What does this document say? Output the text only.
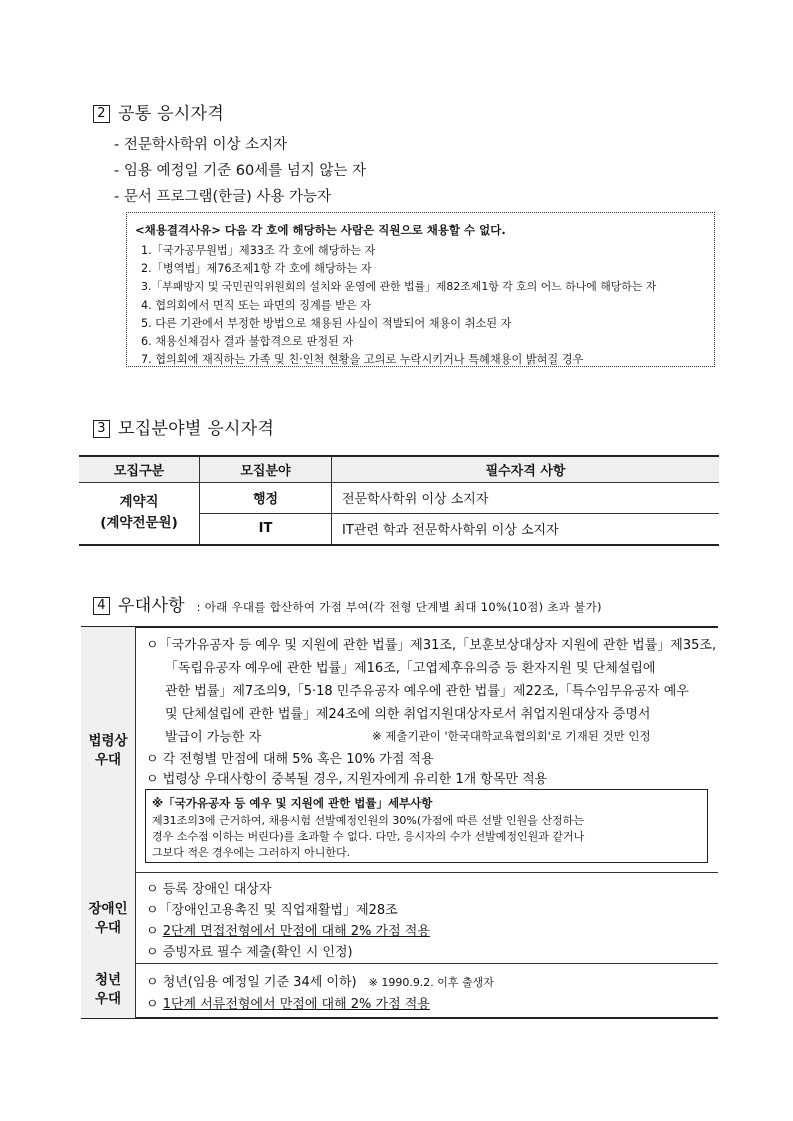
2 공통 응시자격
- 전문학사학위 이상 소지자
- 임용 예정일 기준 60세를 넘지 않는 자
- 문서 프로그램(한글) 사용 가능자
<채용결격사유> 다음 각 호에 해당하는 사람은 직원으로 채용할 수 없다.
1.「국가공무원법」제33조 각 호에 해당하는 자
2.「병역법」제76조제1항 각 호에 해당하는 자
3.「부패방지 및 국민권익위원회의 설치와 운영에 관한 법률」제82조제1항 각 호의 어느 하나에 해당하는 자
4. 협의회에서 면직 또는 파면의 징계를 받은 자
5. 다른 기관에서 부정한 방법으로 채용된 사실이 적발되어 채용이 취소된 자
6. 채용신체검사 결과 불합격으로 판정된 자
7. 협의회에 재직하는 가족 및 친·인척 현황을 고의로 누락시키거나 특혜채용이 밝혀질 경우
3 모집분야별 응시자격
모집구분	모집분야	필수자격 사항

계약직
(계약전문원)	행정	전문학사학위 이상 소지자
	IT	IT관련 학과 전문학사학위 이상 소지자
4 우대사항 : 아래 우대를 합산하여 가점 부여(각 전형 단계별 최대 10%(10점) 초과 불가)
법령상
우대
ㅇ「국가유공자 등 예우 및 지원에 관한 법률」제31조,「보훈보상대상자 지원에 관한 법률」제35조,
「독립유공자 예우에 관한 법률」제16조,「고엽제후유의증 등 환자지원 및 단체설립에
관한 법률」제7조의9,「5·18 민주유공자 예우에 관한 법률」제22조,「특수임무유공자 예우
및 단체설립에 관한 법률」제24조에 의한 취업지원대상자로서 취업지원대상자 증명서
발급이 가능한 자	※ 제출기관이 '한국대학교육협의회'로 기재된 것만 인정
ㅇ 각 전형별 만점에 대해 5% 혹은 10% 가점 적용
ㅇ 법령상 우대사항이 중복될 경우, 지원자에게 유리한 1개 항목만 적용
※「국가유공자 등 예우 및 지원에 관한 법률」세부사항
제31조의3에 근거하여, 채용시험 선발예정인원의 30%(가점에 따른 선발 인원을 산정하는
경우 소수점 이하는 버린다)를 초과할 수 없다. 다만, 응시자의 수가 선발예정인원과 같거나
그보다 적은 경우에는 그러하지 아니한다.
장애인
우대
ㅇ 등록 장애인 대상자
ㅇ「장애인고용촉진 및 직업재활법」제28조
ㅇ 2단계 면접전형에서 만점에 대해 2% 가점 적용
ㅇ 증빙자료 필수 제출(확인 시 인정)
청년
우대
ㅇ 청년(임용 예정일 기준 34세 이하) ※ 1990.9.2. 이후 출생자
ㅇ 1단계 서류전형에서 만점에 대해 2% 가점 적용
